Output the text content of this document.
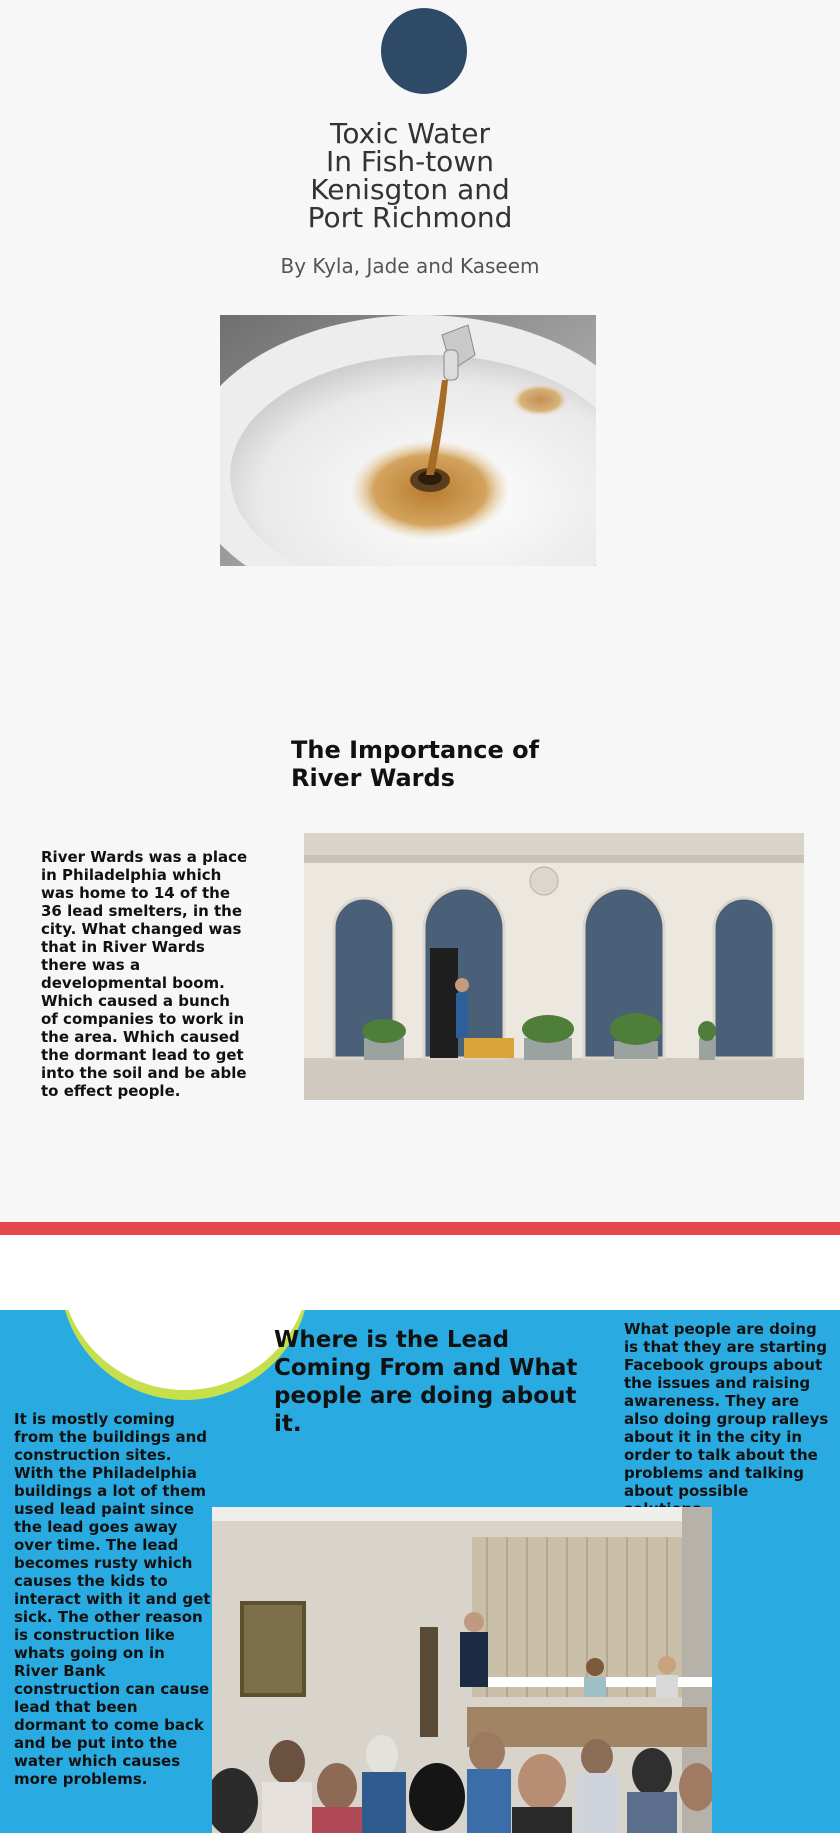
Toxic Water
In Fish-town
Kenisgton and
Port Richmond
By Kyla, Jade and Kaseem
The Importance of River Wards

River Wards was a place in Philadelphia which was home to 14 of the 36 lead smelters, in the city. What changed was that in River Wards there was a developmental boom. Which caused a bunch of companies to work in the area. Which caused the dormant lead to get into the soil and be able to effect people.

Where is the Lead Coming From and What people are doing about it.

It is mostly coming from the buildings and construction sites. With the Philadelphia buildings a lot of them used lead paint since the lead goes away over time. The lead becomes rusty which causes the kids to interact with it and get sick. The other reason is construction like whats going on in River Bank construction can cause lead that been dormant to come back and be put into the water which causes more problems.

What people are doing is that they are starting Facebook groups about the issues and raising awareness. They are also doing group ralleys about it in the city in order to talk about the problems and talking about possible
